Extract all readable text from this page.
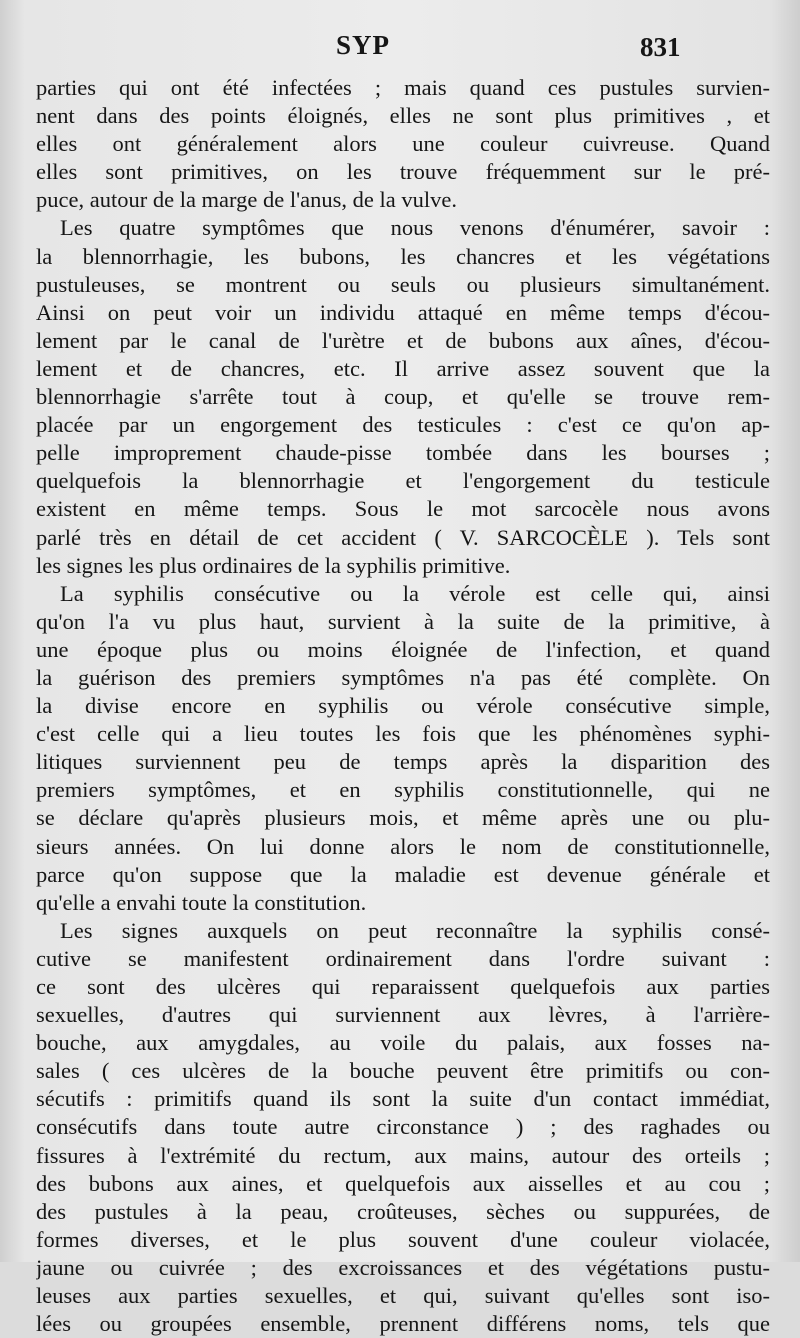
SYP	831
parties qui ont été infectées ; mais quand ces pustules survien-
nent dans des points éloignés, elles ne sont plus primitives , et
elles ont généralement alors une couleur cuivreuse. Quand
elles sont primitives, on les trouve fréquemment sur le pré-
puce, autour de la marge de l'anus, de la vulve.
Les quatre symptômes que nous venons d'énumérer, savoir :
la blennorrhagie, les bubons, les chancres et les végétations
pustuleuses, se montrent ou seuls ou plusieurs simultanément.
Ainsi on peut voir un individu attaqué en même temps d'écou-
lement par le canal de l'urètre et de bubons aux aînes, d'écou-
lement et de chancres, etc. Il arrive assez souvent que la
blennorrhagie s'arrête tout à coup, et qu'elle se trouve rem-
placée par un engorgement des testicules : c'est ce qu'on ap-
pelle improprement chaude-pisse tombée dans les bourses ;
quelquefois la blennorrhagie et l'engorgement du testicule
existent en même temps. Sous le mot sarcocèle nous avons
parlé très en détail de cet accident ( V. SARCOCÈLE ). Tels sont
les signes les plus ordinaires de la syphilis primitive.
La syphilis consécutive ou la vérole est celle qui, ainsi
qu'on l'a vu plus haut, survient à la suite de la primitive, à
une époque plus ou moins éloignée de l'infection, et quand
la guérison des premiers symptômes n'a pas été complète. On
la divise encore en syphilis ou vérole consécutive simple,
c'est celle qui a lieu toutes les fois que les phénomènes syphi-
litiques surviennent peu de temps après la disparition des
premiers symptômes, et en syphilis constitutionnelle, qui ne
se déclare qu'après plusieurs mois, et même après une ou plu-
sieurs années. On lui donne alors le nom de constitutionnelle,
parce qu'on suppose que la maladie est devenue générale et
qu'elle a envahi toute la constitution.
Les signes auxquels on peut reconnaître la syphilis consé-
cutive se manifestent ordinairement dans l'ordre suivant :
ce sont des ulcères qui reparaissent quelquefois aux parties
sexuelles, d'autres qui surviennent aux lèvres, à l'arrière-
bouche, aux amygdales, au voile du palais, aux fosses na-
sales ( ces ulcères de la bouche peuvent être primitifs ou con-
sécutifs : primitifs quand ils sont la suite d'un contact immédiat,
consécutifs dans toute autre circonstance ) ; des raghades ou
fissures à l'extrémité du rectum, aux mains, autour des orteils ;
des bubons aux aines, et quelquefois aux aisselles et au cou ;
des pustules à la peau, croûteuses, sèches ou suppurées, de
formes diverses, et le plus souvent d'une couleur violacée,
jaune ou cuivrée ; des excroissances et des végétations pustu-
leuses aux parties sexuelles, et qui, suivant qu'elles sont iso-
lées ou groupées ensemble, prennent différens noms, tels que
